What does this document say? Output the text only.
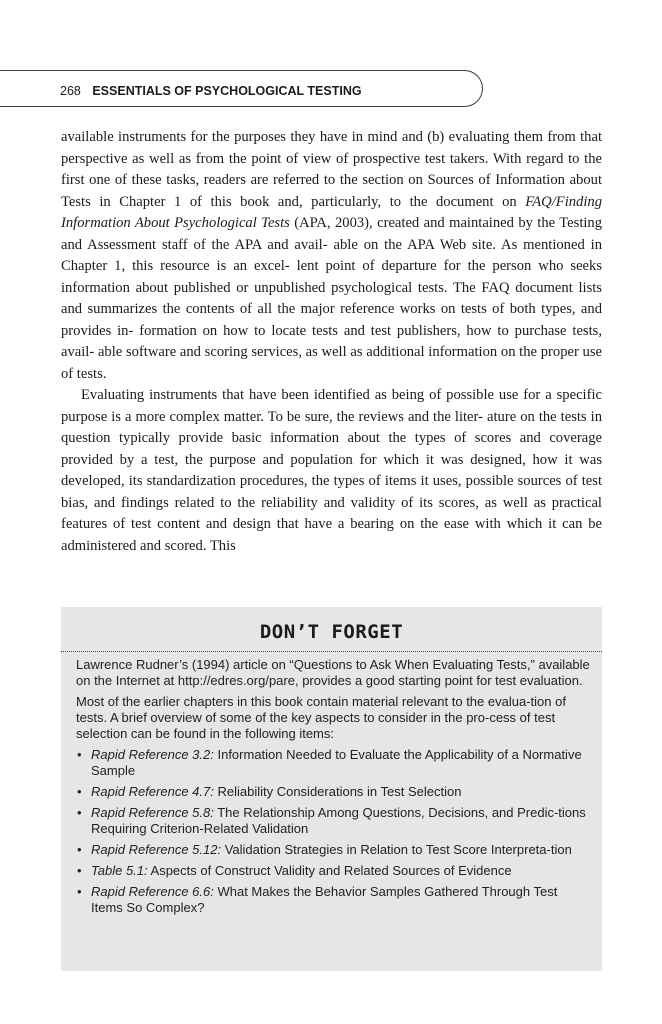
268 ESSENTIALS OF PSYCHOLOGICAL TESTING

available instruments for the purposes they have in mind and (b) evaluating them from that perspective as well as from the point of view of prospective test takers. With regard to the first one of these tasks, readers are referred to the section on Sources of Information about Tests in Chapter 1 of this book and, particularly, to the document on FAQ/Finding Information About Psychological Tests (APA, 2003), created and maintained by the Testing and Assessment staff of the APA and avail- able on the APA Web site. As mentioned in Chapter 1, this resource is an excel- lent point of departure for the person who seeks information about published or unpublished psychological tests. The FAQ document lists and summarizes the contents of all the major reference works on tests of both types, and provides in- formation on how to locate tests and test publishers, how to purchase tests, avail- able software and scoring services, as well as additional information on the proper use of tests.

Evaluating instruments that have been identified as being of possible use for a specific purpose is a more complex matter. To be sure, the reviews and the liter- ature on the tests in question typically provide basic information about the types of scores and coverage provided by a test, the purpose and population for which it was designed, how it was developed, its standardization procedures, the types of items it uses, possible sources of test bias, and findings related to the reliability and validity of its scores, as well as practical features of test content and design that have a bearing on the ease with which it can be administered and scored. This

DON’T FORGET

Lawrence Rudner’s (1994) article on “Questions to Ask When Evaluating Tests,” available on the Internet at http://edres.org/pare, provides a good starting point for test evaluation.

Most of the earlier chapters in this book contain material relevant to the evalua-tion of tests. A brief overview of some of the key aspects to consider in the pro-cess of test selection can be found in the following items:

• Rapid Reference 3.2: Information Needed to Evaluate the Applicability of a Normative Sample
• Rapid Reference 4.7: Reliability Considerations in Test Selection
• Rapid Reference 5.8: The Relationship Among Questions, Decisions, and Predic-tions Requiring Criterion-Related Validation
• Rapid Reference 5.12: Validation Strategies in Relation to Test Score Interpreta-tion
• Table 5.1: Aspects of Construct Validity and Related Sources of Evidence
• Rapid Reference 6.6: What Makes the Behavior Samples Gathered Through Test Items So Complex?
